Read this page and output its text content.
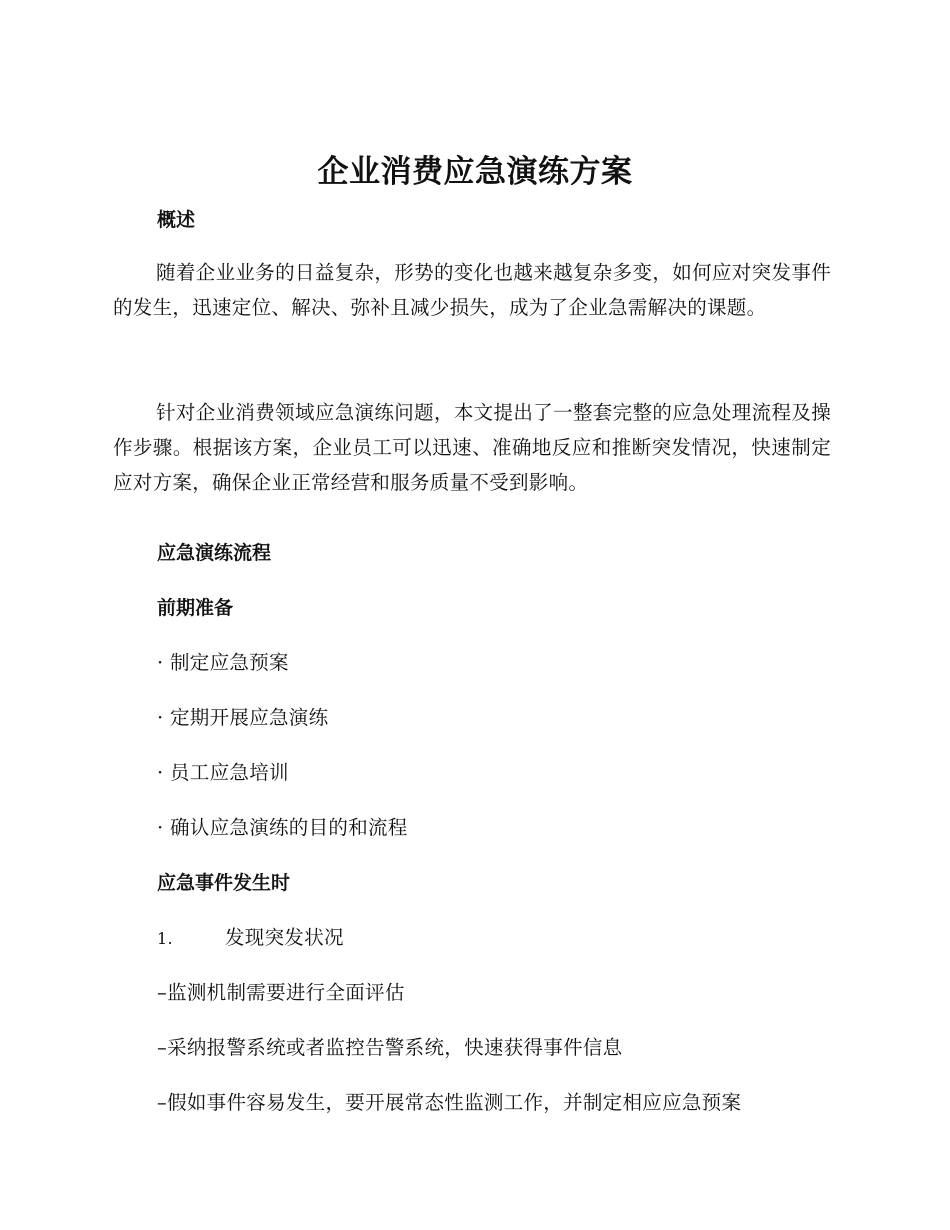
企业消费应急演练方案
概述

随着企业业务的日益复杂，形势的变化也越来越复杂多变，如何应对突发事件的发生，迅速定位、解决、弥补且减少损失，成为了企业急需解决的课题。

针对企业消费领域应急演练问题，本文提出了一整套完整的应急处理流程及操作步骤。根据该方案，企业员工可以迅速、准确地反应和推断突发情况，快速制定应对方案，确保企业正常经营和服务质量不受到影响。

应急演练流程
前期准备
· 制定应急预案
· 定期开展应急演练
· 员工应急培训
· 确认应急演练的目的和流程
应急事件发生时
1.	发现突发状况
–监测机制需要进行全面评估
–采纳报警系统或者监控告警系统，快速获得事件信息
–假如事件容易发生，要开展常态性监测工作，并制定相应应急预案
